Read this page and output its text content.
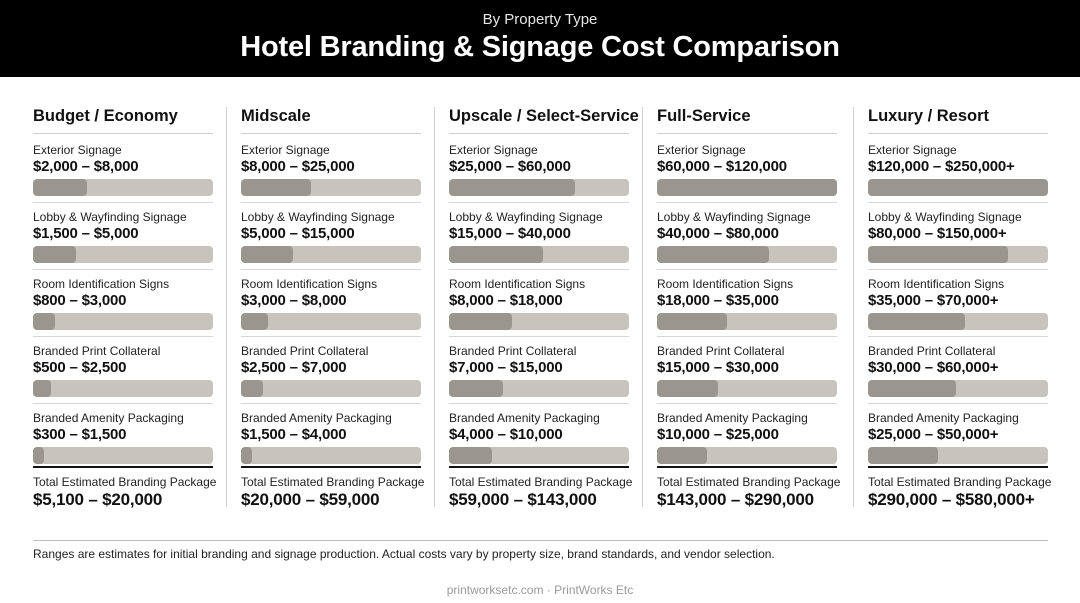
By Property Type
Hotel Branding & Signage Cost Comparison
Budget / Economy
Exterior Signage
$2,000 – $8,000
Lobby & Wayfinding Signage
$1,500 – $5,000
Room Identification Signs
$800 – $3,000
Branded Print Collateral
$500 – $2,500
Branded Amenity Packaging
$300 – $1,500
Total Estimated Branding Package
$5,100 – $20,000
Midscale
Exterior Signage
$8,000 – $25,000
Lobby & Wayfinding Signage
$5,000 – $15,000
Room Identification Signs
$3,000 – $8,000
Branded Print Collateral
$2,500 – $7,000
Branded Amenity Packaging
$1,500 – $4,000
Total Estimated Branding Package
$20,000 – $59,000
Upscale / Select-Service
Exterior Signage
$25,000 – $60,000
Lobby & Wayfinding Signage
$15,000 – $40,000
Room Identification Signs
$8,000 – $18,000
Branded Print Collateral
$7,000 – $15,000
Branded Amenity Packaging
$4,000 – $10,000
Total Estimated Branding Package
$59,000 – $143,000
Full-Service
Exterior Signage
$60,000 – $120,000
Lobby & Wayfinding Signage
$40,000 – $80,000
Room Identification Signs
$18,000 – $35,000
Branded Print Collateral
$15,000 – $30,000
Branded Amenity Packaging
$10,000 – $25,000
Total Estimated Branding Package
$143,000 – $290,000
Luxury / Resort
Exterior Signage
$120,000 – $250,000+
Lobby & Wayfinding Signage
$80,000 – $150,000+
Room Identification Signs
$35,000 – $70,000+
Branded Print Collateral
$30,000 – $60,000+
Branded Amenity Packaging
$25,000 – $50,000+
Total Estimated Branding Package
$290,000 – $580,000+
Ranges are estimates for initial branding and signage production. Actual costs vary by property size, brand standards, and vendor selection.
printworksetc.com · PrintWorks Etc
